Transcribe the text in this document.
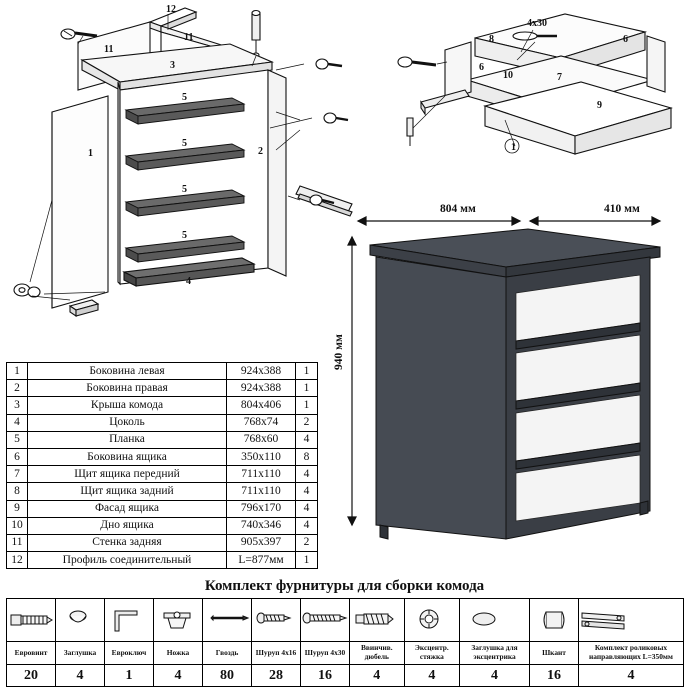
12
11
11
3
5
5
5
5
1	2
4
4х30
8	6
6
10	7
9
1
804 мм	410 мм
940 мм
1	Боковина левая	924х388	1
2	Боковина правая	924х388	1
3	Крыша комода	804х406	1
4	Цоколь	768х74	2
5	Планка	768х60	4
6	Боковина ящика	350х110	8
7	Щит ящика передний	711х110	4
8	Щит ящика задний	711х110	4
9	Фасад ящика	796х170	4
10	Дно ящика	740х346	4
11	Стенка задняя	905х397	2
12	Профиль соединительный	L=877мм	1
Комплект фурнитуры для сборки комода

Евровинт	Заглушка	Евроключ	Ножка	Гвоздь	Шуруп 4х16	Шуруп 4х30	Ввинчив. дюбель	Эксцентр. стяжка	Заглушка для эксцентрика	Шкант	Комплект роликовых направляющих L=350мм
20	4	1	4	80	28	16	4	4	4	16	4
